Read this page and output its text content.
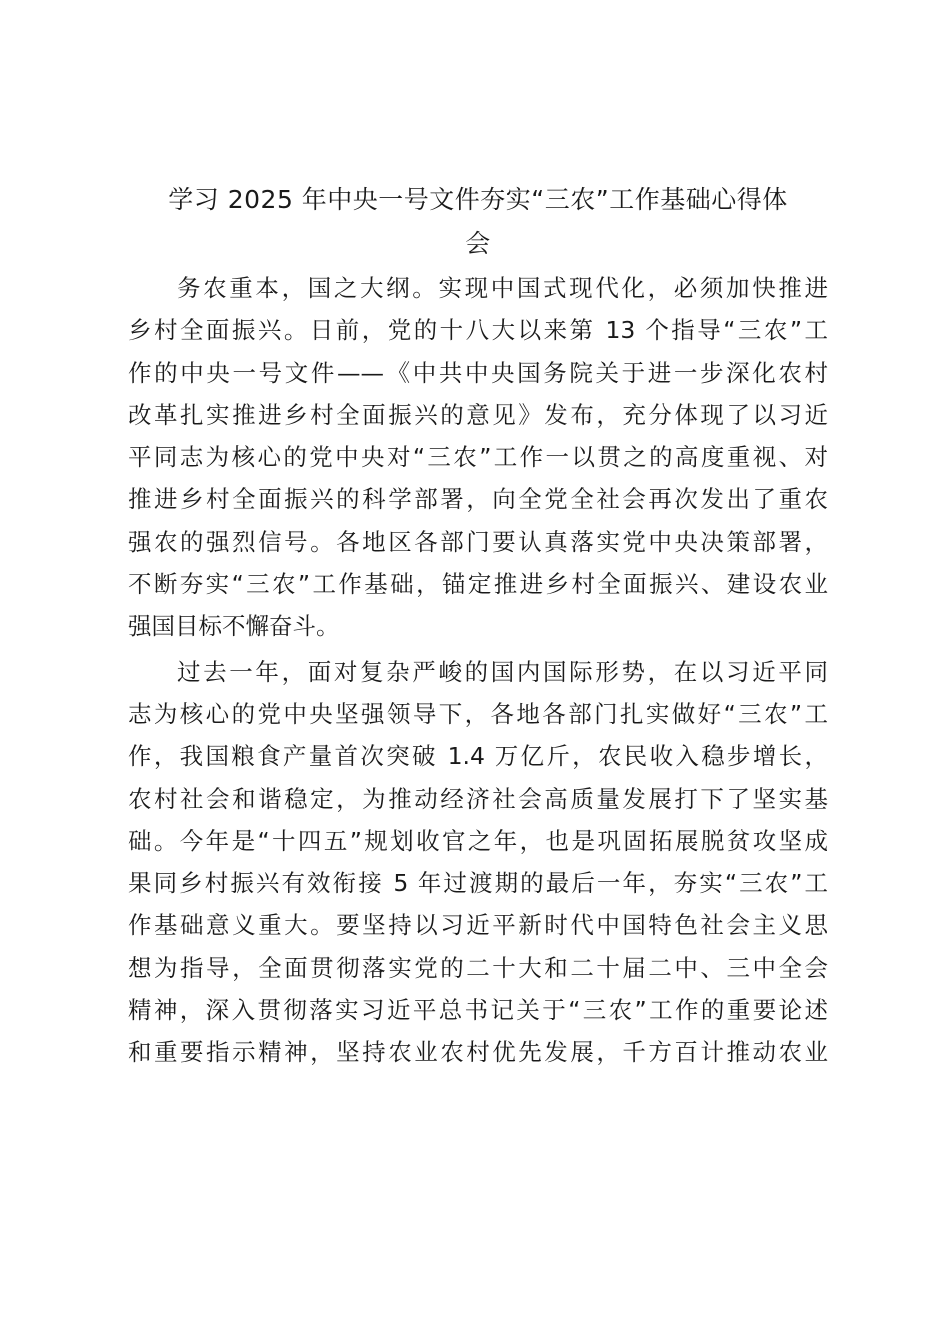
学习 2025 年中央一号文件夯实“三农”工作基础心得体
会

务农重本，国之大纲。实现中国式现代化，必须加快推进
乡村全面振兴。日前，党的十八大以来第 13 个指导“三农”工
作的中央一号文件——《中共中央国务院关于进一步深化农村
改革扎实推进乡村全面振兴的意见》发布，充分体现了以习近
平同志为核心的党中央对“三农”工作一以贯之的高度重视、对
推进乡村全面振兴的科学部署，向全党全社会再次发出了重农
强农的强烈信号。各地区各部门要认真落实党中央决策部署，
不断夯实“三农”工作基础，锚定推进乡村全面振兴、建设农业
强国目标不懈奋斗。

过去一年，面对复杂严峻的国内国际形势，在以习近平同
志为核心的党中央坚强领导下，各地各部门扎实做好“三农”工
作，我国粮食产量首次突破 1.4 万亿斤，农民收入稳步增长，
农村社会和谐稳定，为推动经济社会高质量发展打下了坚实基
础。今年是“十四五”规划收官之年，也是巩固拓展脱贫攻坚成
果同乡村振兴有效衔接 5 年过渡期的最后一年，夯实“三农”工
作基础意义重大。要坚持以习近平新时代中国特色社会主义思
想为指导，全面贯彻落实党的二十大和二十届二中、三中全会
精神，深入贯彻落实习近平总书记关于“三农”工作的重要论述
和重要指示精神，坚持农业农村优先发展，千方百计推动农业
